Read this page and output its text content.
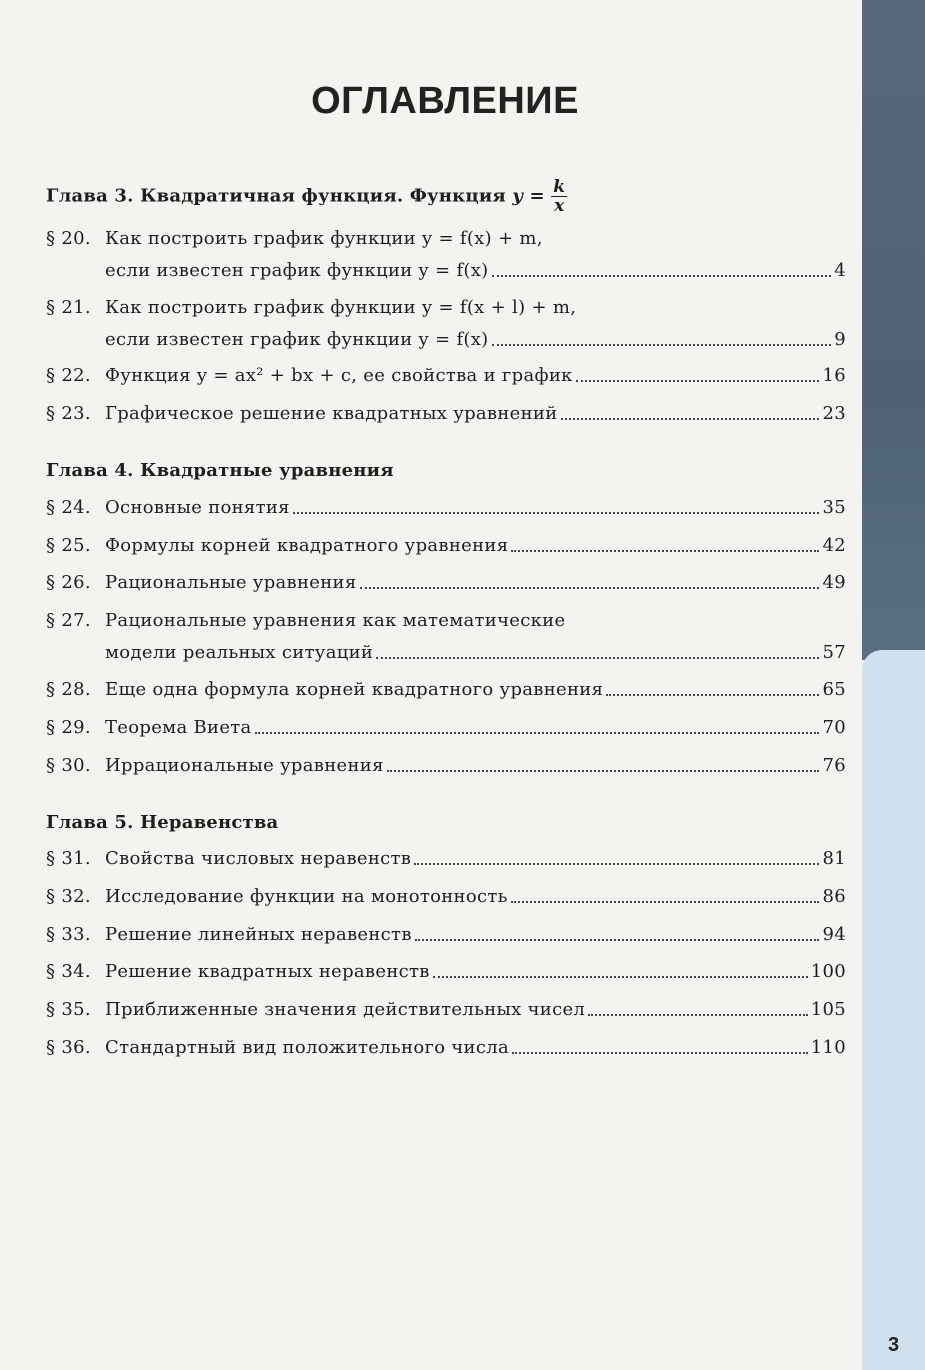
3
ОГЛАВЛЕНИЕ
Глава 3. Квадратичная функция. Функция $y = \frac{k}{x}$
§ 20. Как построить график функции y = f(x) + m,
если известен график функции y = f(x)	4
§ 21. Как построить график функции y = f(x + l) + m,
если известен график функции y = f(x)	9
§ 22. Функция y = ax² + bx + c, ее свойства и график	16
§ 23. Графическое решение квадратных уравнений	23
Глава 4. Квадратные уравнения
§ 24. Основные понятия	35
§ 25. Формулы корней квадратного уравнения	42
§ 26. Рациональные уравнения	49
§ 27. Рациональные уравнения как математические
модели реальных ситуаций	57
§ 28. Еще одна формула корней квадратного уравнения	65
§ 29. Теорема Виета	70
§ 30. Иррациональные уравнения	76
Глава 5. Неравенства
§ 31. Свойства числовых неравенств	81
§ 32. Исследование функции на монотонность	86
§ 33. Решение линейных неравенств	94
§ 34. Решение квадратных неравенств	100
§ 35. Приближенные значения действительных чисел	105
§ 36. Стандартный вид положительного числа	110
